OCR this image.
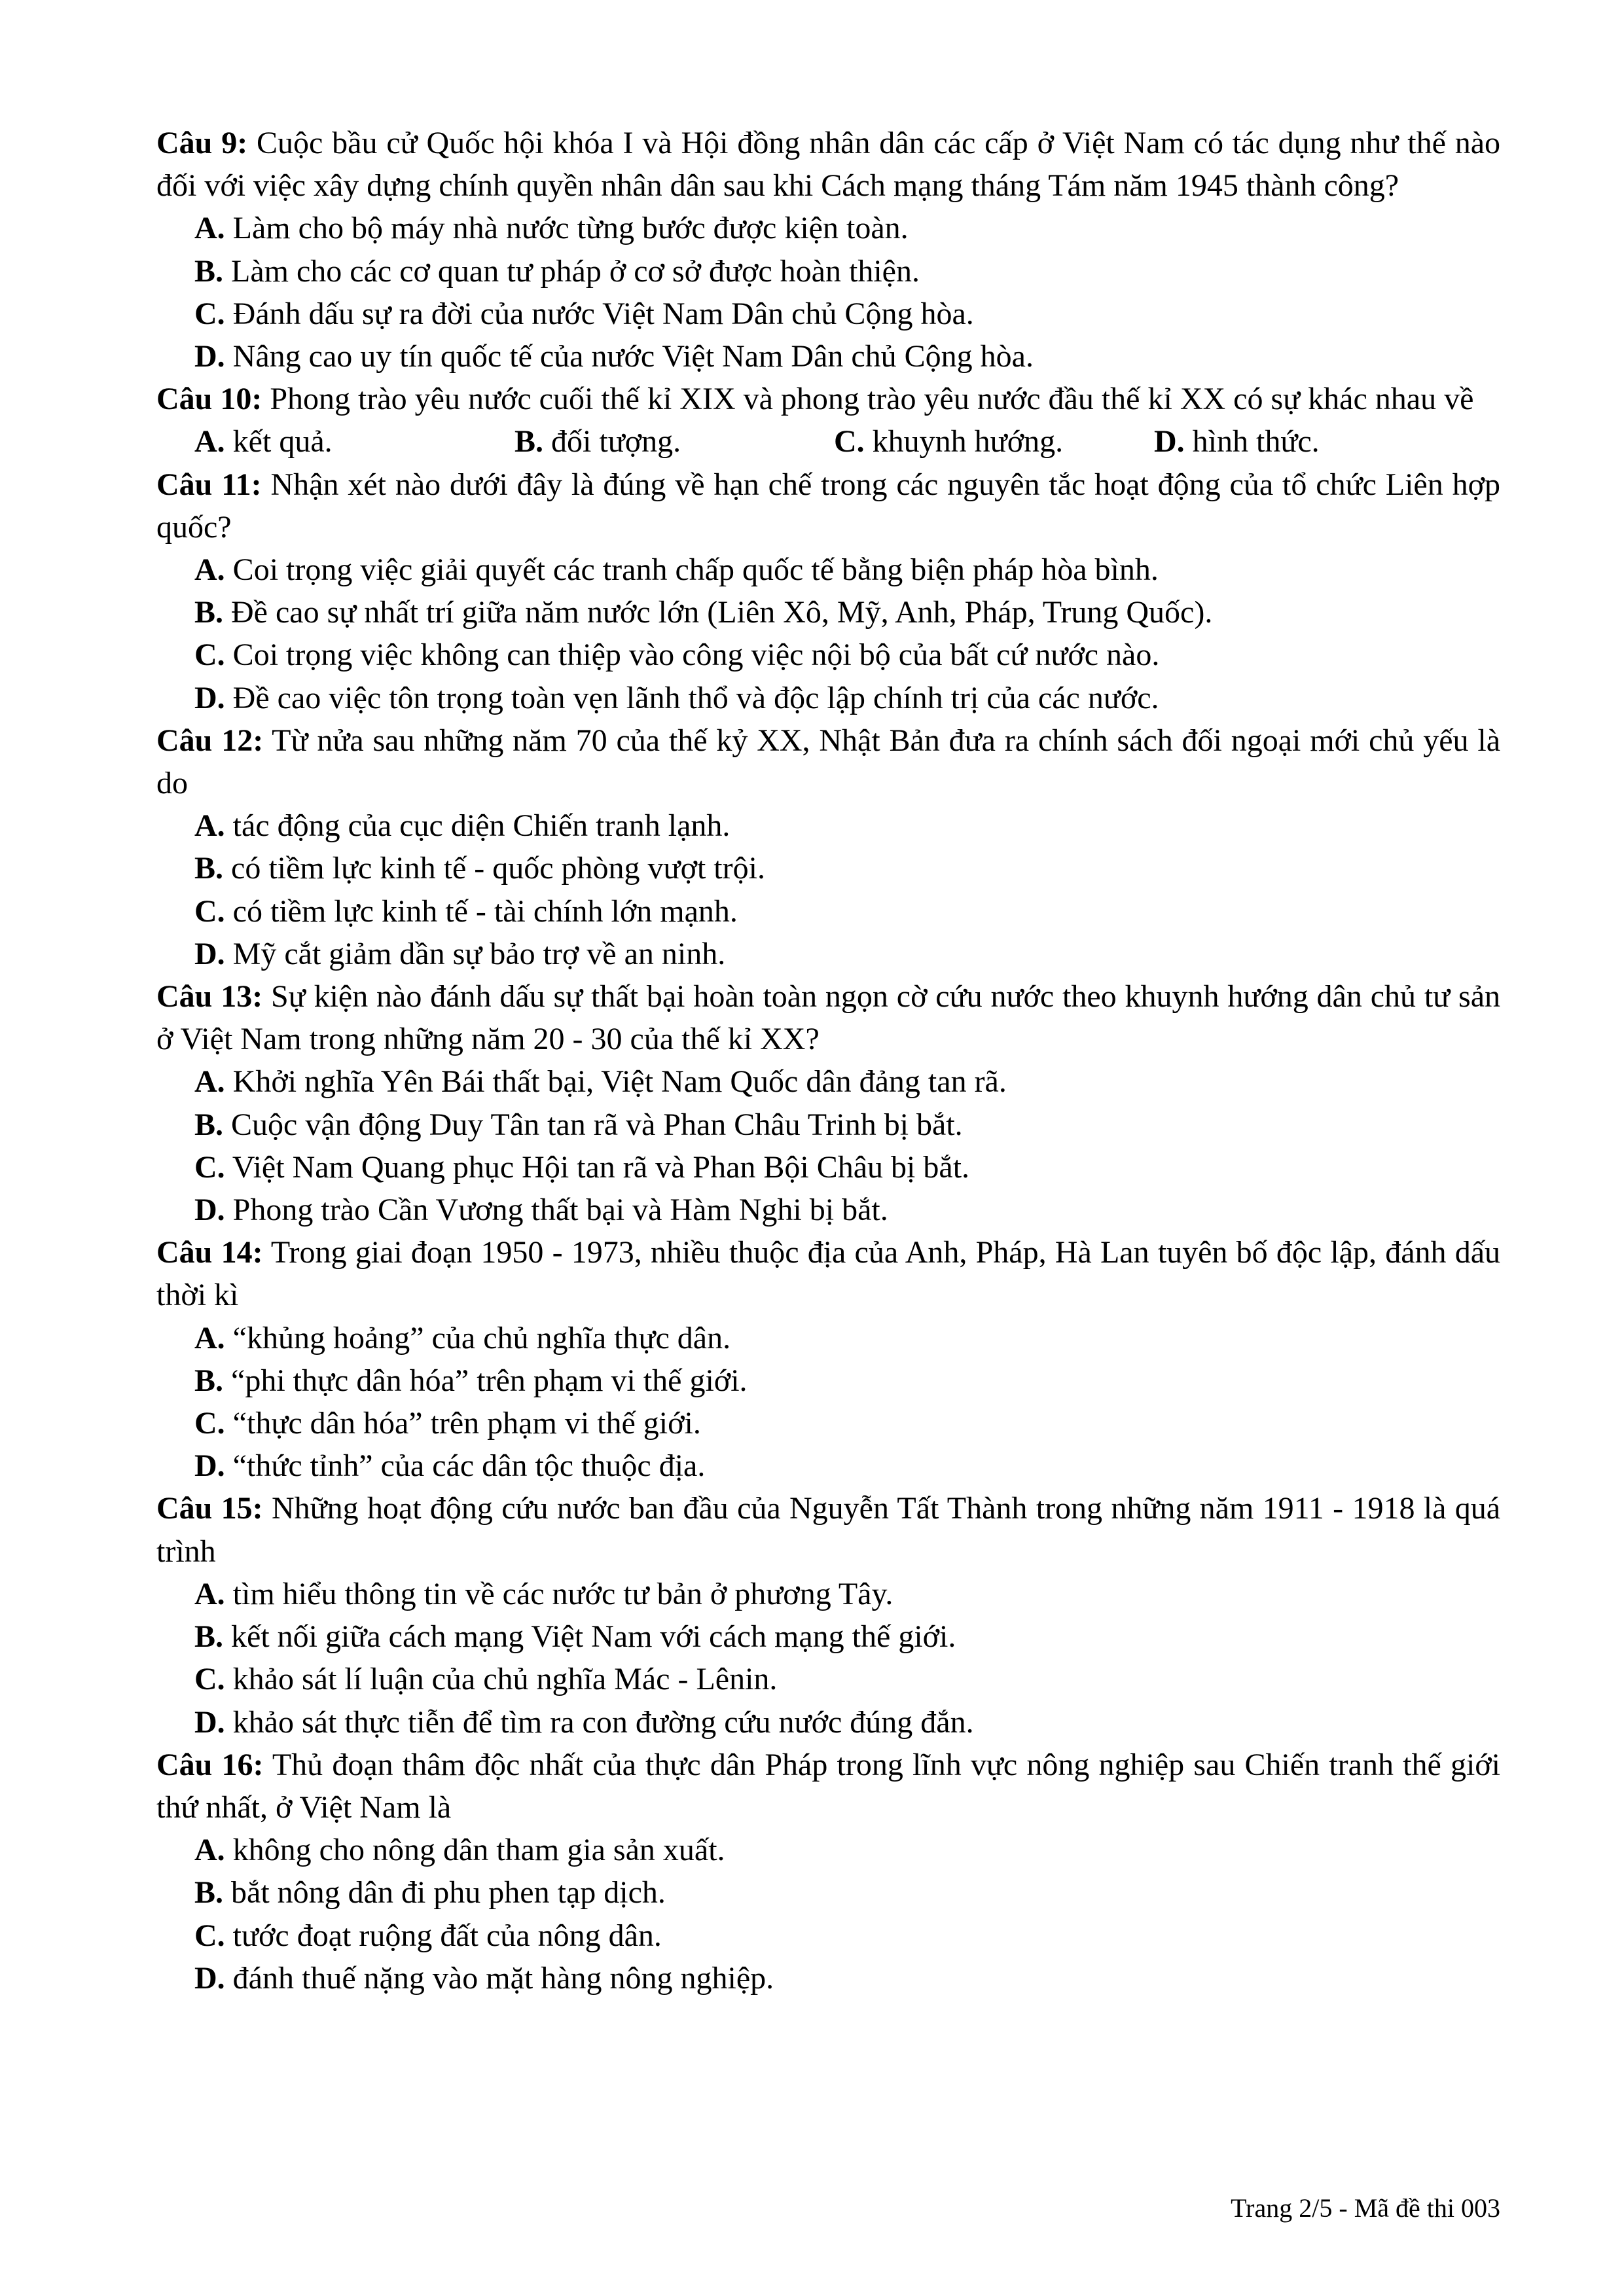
Câu 9: Cuộc bầu cử Quốc hội khóa I và Hội đồng nhân dân các cấp ở Việt Nam có tác dụng như thế nào đối với việc xây dựng chính quyền nhân dân sau khi Cách mạng tháng Tám năm 1945 thành công?
A. Làm cho bộ máy nhà nước từng bước được kiện toàn.
B. Làm cho các cơ quan tư pháp ở cơ sở được hoàn thiện.
C. Đánh dấu sự ra đời của nước Việt Nam Dân chủ Cộng hòa.
D. Nâng cao uy tín quốc tế của nước Việt Nam Dân chủ Cộng hòa.
Câu 10: Phong trào yêu nước cuối thế kỉ XIX và phong trào yêu nước đầu thế kỉ XX có sự khác nhau về
A. kết quả.	B. đối tượng.	C. khuynh hướng.	D. hình thức.
Câu 11: Nhận xét nào dưới đây là đúng về hạn chế trong các nguyên tắc hoạt động của tổ chức Liên hợp quốc?
A. Coi trọng việc giải quyết các tranh chấp quốc tế bằng biện pháp hòa bình.
B. Đề cao sự nhất trí giữa năm nước lớn (Liên Xô, Mỹ, Anh, Pháp, Trung Quốc).
C. Coi trọng việc không can thiệp vào công việc nội bộ của bất cứ nước nào.
D. Đề cao việc tôn trọng toàn vẹn lãnh thổ và độc lập chính trị của các nước.
Câu 12: Từ nửa sau những năm 70 của thế kỷ XX, Nhật Bản đưa ra chính sách đối ngoại mới chủ yếu là do
A. tác động của cục diện Chiến tranh lạnh.
B. có tiềm lực kinh tế - quốc phòng vượt trội.
C. có tiềm lực kinh tế - tài chính lớn mạnh.
D. Mỹ cắt giảm dần sự bảo trợ về an ninh.
Câu 13: Sự kiện nào đánh dấu sự thất bại hoàn toàn ngọn cờ cứu nước theo khuynh hướng dân chủ tư sản ở Việt Nam trong những năm 20 - 30 của thế kỉ XX?
A. Khởi nghĩa Yên Bái thất bại, Việt Nam Quốc dân đảng tan rã.
B. Cuộc vận động Duy Tân tan rã và Phan Châu Trinh bị bắt.
C. Việt Nam Quang phục Hội tan rã và Phan Bội Châu bị bắt.
D. Phong trào Cần Vương thất bại và Hàm Nghi bị bắt.
Câu 14: Trong giai đoạn 1950 - 1973, nhiều thuộc địa của Anh, Pháp, Hà Lan tuyên bố độc lập, đánh dấu thời kì
A. “khủng hoảng” của chủ nghĩa thực dân.
B. “phi thực dân hóa” trên phạm vi thế giới.
C. “thực dân hóa” trên phạm vi thế giới.
D. “thức tỉnh” của các dân tộc thuộc địa.
Câu 15: Những hoạt động cứu nước ban đầu của Nguyễn Tất Thành trong những năm 1911 - 1918 là quá trình
A. tìm hiểu thông tin về các nước tư bản ở phương Tây.
B. kết nối giữa cách mạng Việt Nam với cách mạng thế giới.
C. khảo sát lí luận của chủ nghĩa Mác - Lênin.
D. khảo sát thực tiễn để tìm ra con đường cứu nước đúng đắn.
Câu 16: Thủ đoạn thâm độc nhất của thực dân Pháp trong lĩnh vực nông nghiệp sau Chiến tranh thế giới thứ nhất, ở Việt Nam là
A. không cho nông dân tham gia sản xuất.
B. bắt nông dân đi phu phen tạp dịch.
C. tước đoạt ruộng đất của nông dân.
D. đánh thuế nặng vào mặt hàng nông nghiệp.
Trang 2/5 - Mã đề thi 003
